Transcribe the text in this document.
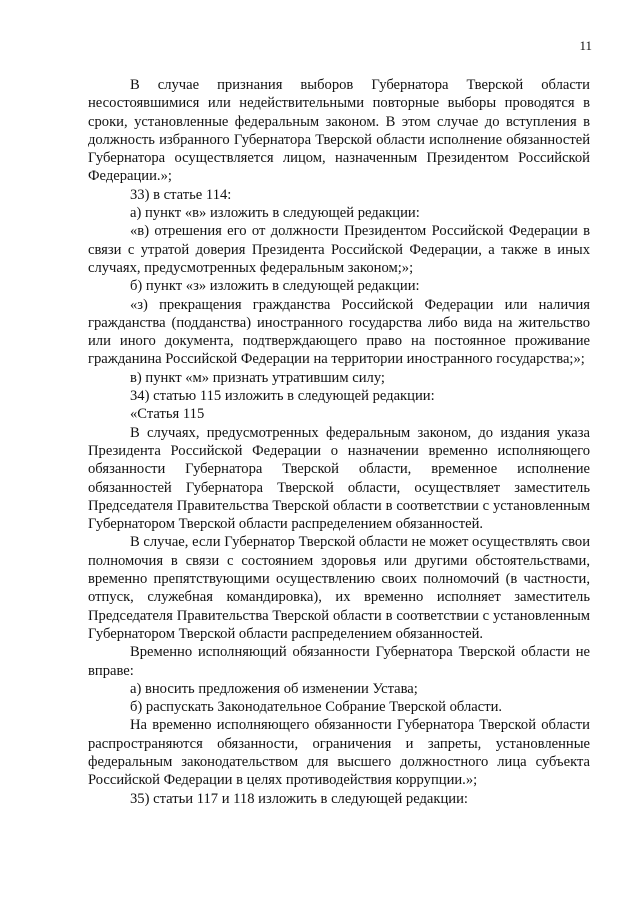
11

В случае признания выборов Губернатора Тверской области несостоявшимися или недействительными повторные выборы проводятся в сроки, установленные федеральным законом. В этом случае до вступления в должность избранного Губернатора Тверской области исполнение обязанностей Губернатора осуществляется лицом, назначенным Президентом Российской Федерации.»;

33) в статье 114:

а) пункт «в» изложить в следующей редакции:

«в) отрешения его от должности Президентом Российской Федерации в связи с утратой доверия Президента Российской Федерации, а также в иных случаях, предусмотренных федеральным законом;»;

б) пункт «з» изложить в следующей редакции:

«з) прекращения гражданства Российской Федерации или наличия гражданства (подданства) иностранного государства либо вида на жительство или иного документа, подтверждающего право на постоянное проживание гражданина Российской Федерации на территории иностранного государства;»;

в) пункт «м» признать утратившим силу;

34) статью 115 изложить в следующей редакции:

«Статья 115

В случаях, предусмотренных федеральным законом, до издания указа Президента Российской Федерации о назначении временно исполняющего обязанности Губернатора Тверской области, временное исполнение обязанностей Губернатора Тверской области, осуществляет заместитель Председателя Правительства Тверской области в соответствии с установленным Губернатором Тверской области распределением обязанностей.

В случае, если Губернатор Тверской области не может осуществлять свои полномочия в связи с состоянием здоровья или другими обстоятельствами, временно препятствующими осуществлению своих полномочий (в частности, отпуск, служебная командировка), их временно исполняет заместитель Председателя Правительства Тверской области в соответствии с установленным Губернатором Тверской области распределением обязанностей.

Временно исполняющий обязанности Губернатора Тверской области не вправе:

а) вносить предложения об изменении Устава;

б) распускать Законодательное Собрание Тверской области.

На временно исполняющего обязанности Губернатора Тверской области распространяются обязанности, ограничения и запреты, установленные федеральным законодательством для высшего должностного лица субъекта Российской Федерации в целях противодействия коррупции.»;

35) статьи 117 и 118 изложить в следующей редакции:
